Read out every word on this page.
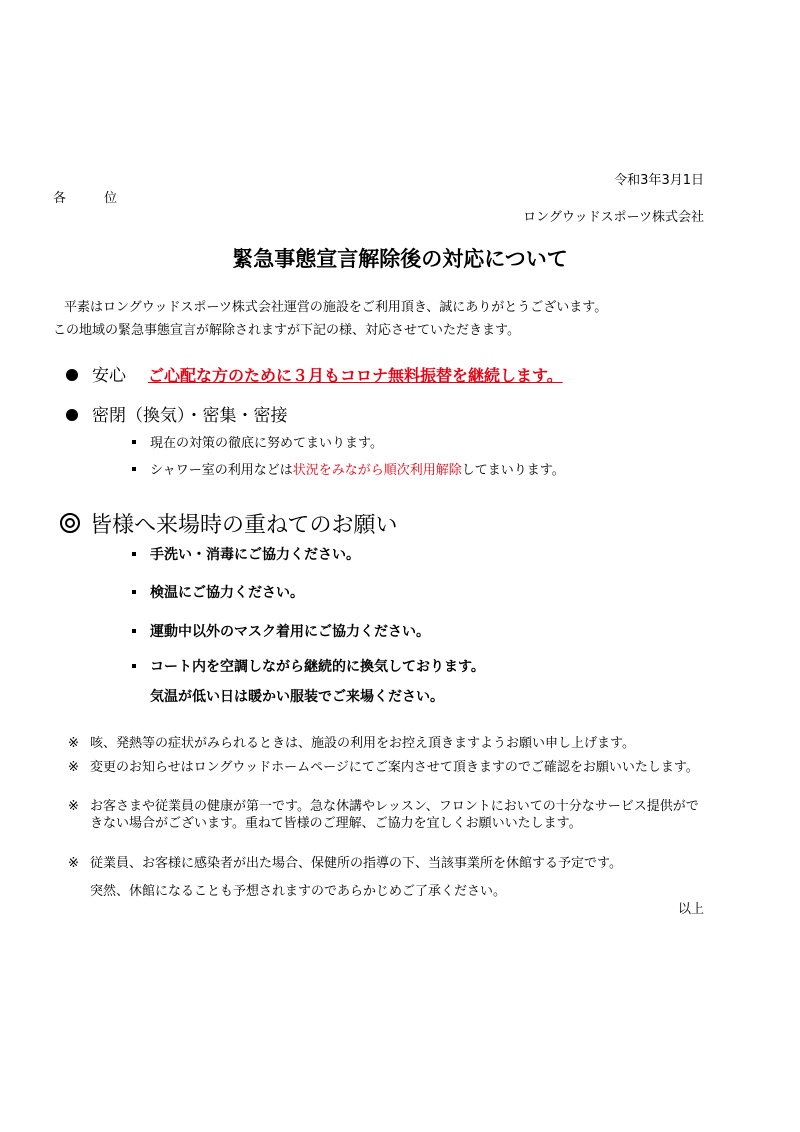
令和3年3月1日
各	位
ロングウッドスポーツ株式会社
緊急事態宣言解除後の対応について
平素はロングウッドスポーツ株式会社運営の施設をご利用頂き、誠にありがとうございます。
この地域の緊急事態宣言が解除されますが下記の様、対応させていただきます。
安心 ご心配な方のために３月もコロナ無料振替を継続します。
密閉（換気）・密集・密接
現在の対策の徹底に努めてまいります。
シャワー室の利用などは状況をみながら順次利用解除してまいります。
皆様へ来場時の重ねてのお願い
手洗い・消毒にご協力ください。
検温にご協力ください。
運動中以外のマスク着用にご協力ください。
コート内を空調しながら継続的に換気しております。
気温が低い日は暖かい服装でご来場ください。
※ 咳、発熱等の症状がみられるときは、施設の利用をお控え頂きますようお願い申し上げます。
※ 変更のお知らせはロングウッドホームページにてご案内させて頂きますのでご確認をお願いいたします。
※ お客さまや従業員の健康が第一です。急な休講やレッスン、フロントにおいての十分なサービス提供ができない場合がございます。重ねて皆様のご理解、ご協力を宜しくお願いいたします。
※ 従業員、お客様に感染者が出た場合、保健所の指導の下、当該事業所を休館する予定です。
突然、休館になることも予想されますのであらかじめご了承ください。
以上
